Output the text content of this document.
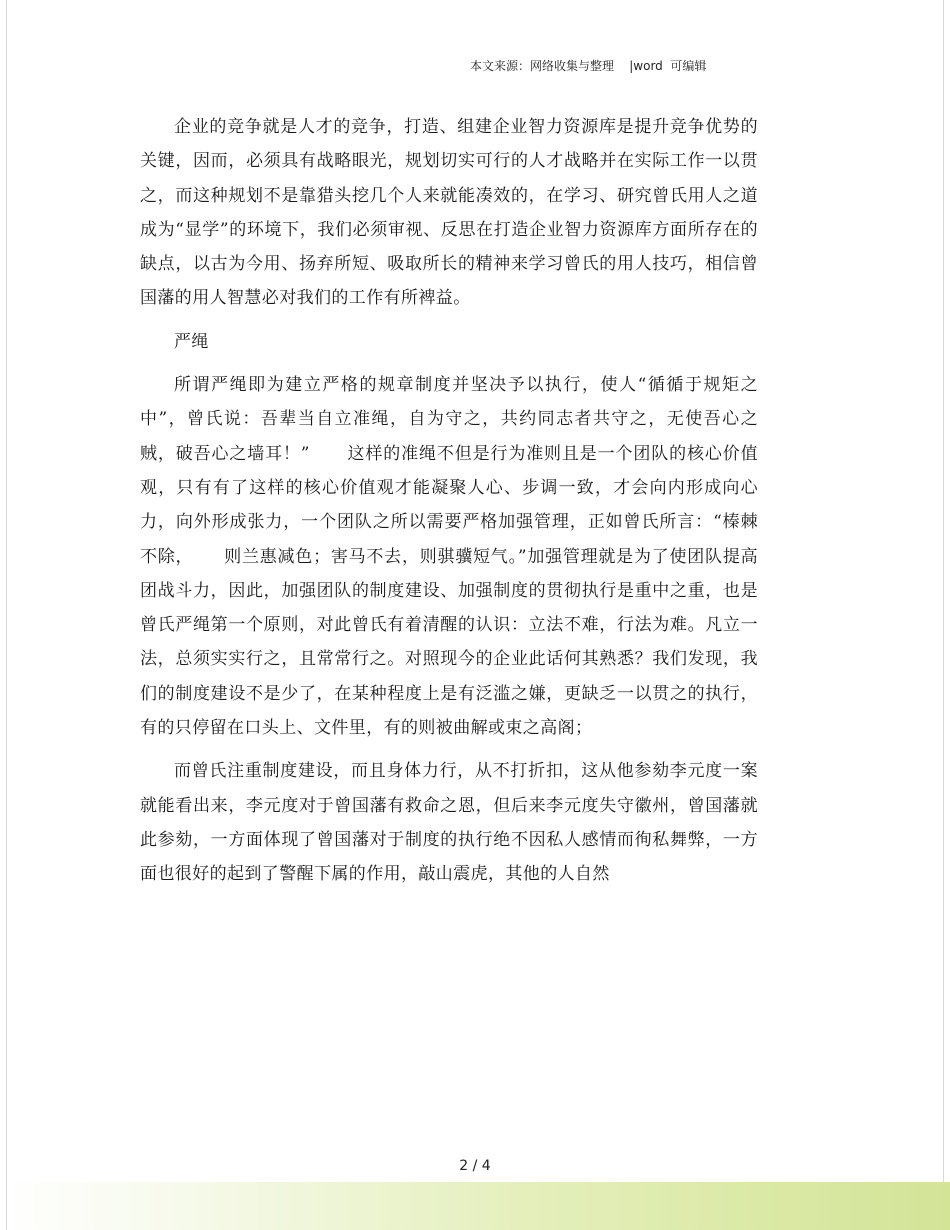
本文来源：网络收集与整理    |word  可编辑

企业的竞争就是人才的竞争，打造、组建企业智力资源库是提升竞争优势的关键，因而，必须具有战略眼光，规划切实可行的人才战略并在实际工作一以贯之，而这种规划不是靠猎头挖几个人来就能凑效的，在学习、研究曾氏用人之道成为“显学”的环境下，我们必须审视、反思在打造企业智力资源库方面所存在的缺点，以古为今用、扬弃所短、吸取所长的精神来学习曾氏的用人技巧，相信曾国藩的用人智慧必对我们的工作有所裨益。

严绳

所谓严绳即为建立严格的规章制度并坚决予以执行，使人“循循于规矩之中”，曾氏说：吾辈当自立准绳，自为守之，共约同志者共守之，无使吾心之贼，破吾心之墙耳！”      这样的准绳不但是行为准则且是一个团队的核心价值观，只有有了这样的核心价值观才能凝聚人心、步调一致，才会向内形成向心力，向外形成张力，一个团队之所以需要严格加强管理，正如曾氏所言：“榛棘不除，     则兰惠减色；害马不去，则骐骥短气。”加强管理就是为了使团队提高团战斗力，因此，加强团队的制度建设、加强制度的贯彻执行是重中之重，也是曾氏严绳第一个原则，对此曾氏有着清醒的认识：立法不难，行法为难。凡立一法，总须实实行之，且常常行之。对照现今的企业此话何其熟悉？我们发现，我们的制度建设不是少了，在某种程度上是有泛滥之嫌，更缺乏一以贯之的执行，有的只停留在口头上、文件里，有的则被曲解或束之高阁；

而曾氏注重制度建设，而且身体力行，从不打折扣，这从他参劾李元度一案就能看出来，李元度对于曾国藩有救命之恩，但后来李元度失守徽州，曾国藩就此参劾，一方面体现了曾国藩对于制度的执行绝不因私人感情而徇私舞弊，一方面也很好的起到了警醒下属的作用，敲山震虎，其他的人自然

2 / 4
